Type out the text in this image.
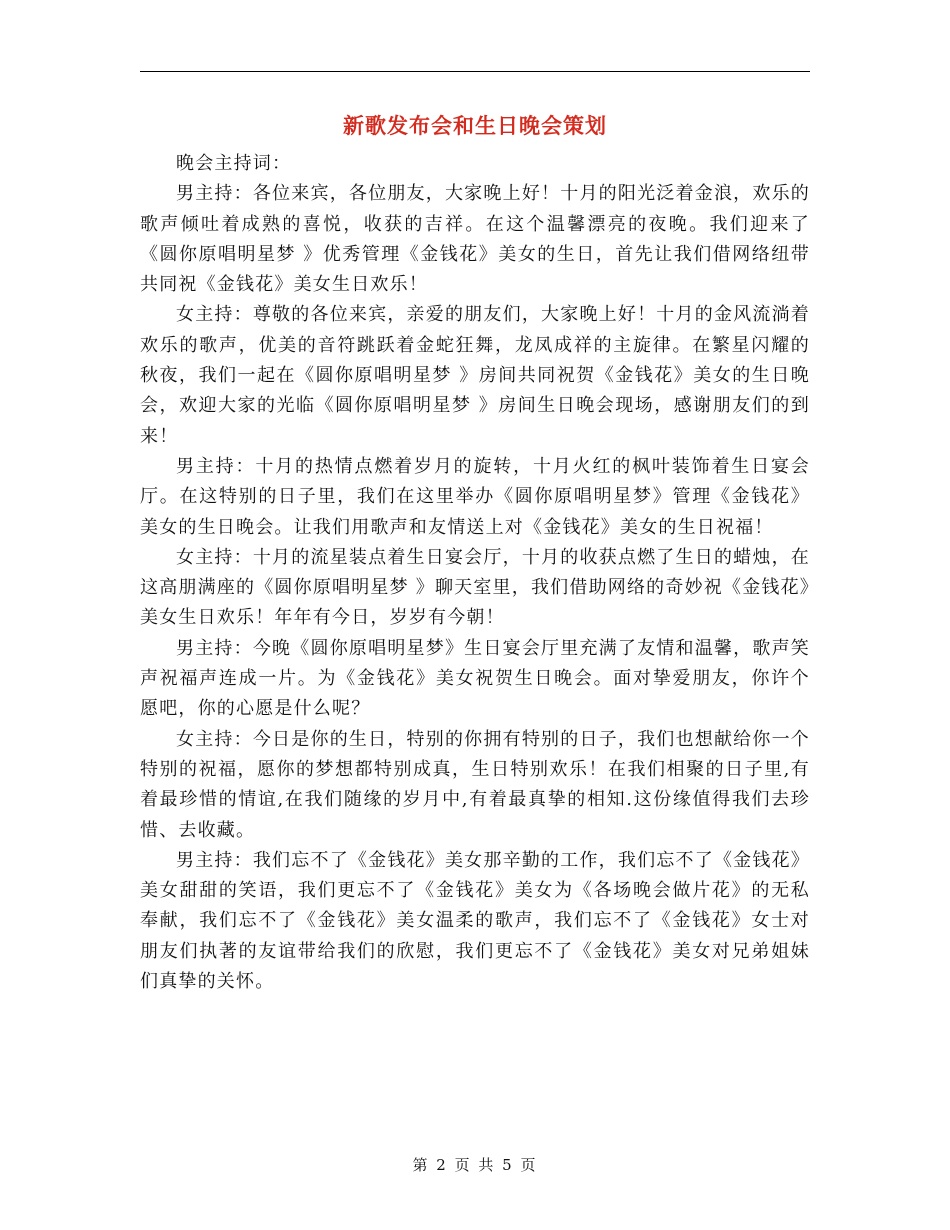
新歌发布会和生日晚会策划

晚会主持词：

男主持：各位来宾，各位朋友，大家晚上好！十月的阳光泛着金浪，欢乐的歌声倾吐着成熟的喜悦，收获的吉祥。在这个温馨漂亮的夜晚。我们迎来了《圆你原唱明星梦 》优秀管理《金钱花》美女的生日，首先让我们借网络纽带共同祝《金钱花》美女生日欢乐！

女主持：尊敬的各位来宾，亲爱的朋友们，大家晚上好！十月的金风流淌着欢乐的歌声，优美的音符跳跃着金蛇狂舞，龙凤成祥的主旋律。在繁星闪耀的秋夜，我们一起在《圆你原唱明星梦 》房间共同祝贺《金钱花》美女的生日晚会，欢迎大家的光临《圆你原唱明星梦 》房间生日晚会现场，感谢朋友们的到来！

男主持：十月的热情点燃着岁月的旋转，十月火红的枫叶装饰着生日宴会厅。在这特别的日子里，我们在这里举办《圆你原唱明星梦》管理《金钱花》美女的生日晚会。让我们用歌声和友情送上对《金钱花》美女的生日祝福！

女主持：十月的流星装点着生日宴会厅，十月的收获点燃了生日的蜡烛，在这高朋满座的《圆你原唱明星梦 》聊天室里，我们借助网络的奇妙祝《金钱花》美女生日欢乐！年年有今日，岁岁有今朝！

男主持：今晚《圆你原唱明星梦》生日宴会厅里充满了友情和温馨，歌声笑声祝福声连成一片。为《金钱花》美女祝贺生日晚会。面对挚爱朋友，你许个愿吧，你的心愿是什么呢？

女主持：今日是你的生日，特别的你拥有特别的日子，我们也想献给你一个特别的祝福，愿你的梦想都特别成真，生日特别欢乐！在我们相聚的日子里,有着最珍惜的情谊,在我们随缘的岁月中,有着最真挚的相知.这份缘值得我们去珍惜、去收藏。

男主持：我们忘不了《金钱花》美女那辛勤的工作，我们忘不了《金钱花》美女甜甜的笑语，我们更忘不了《金钱花》美女为《各场晚会做片花》的无私奉献，我们忘不了《金钱花》美女温柔的歌声，我们忘不了《金钱花》女士对朋友们执著的友谊带给我们的欣慰，我们更忘不了《金钱花》美女对兄弟姐妹们真挚的关怀。

第 2 页 共 5 页
